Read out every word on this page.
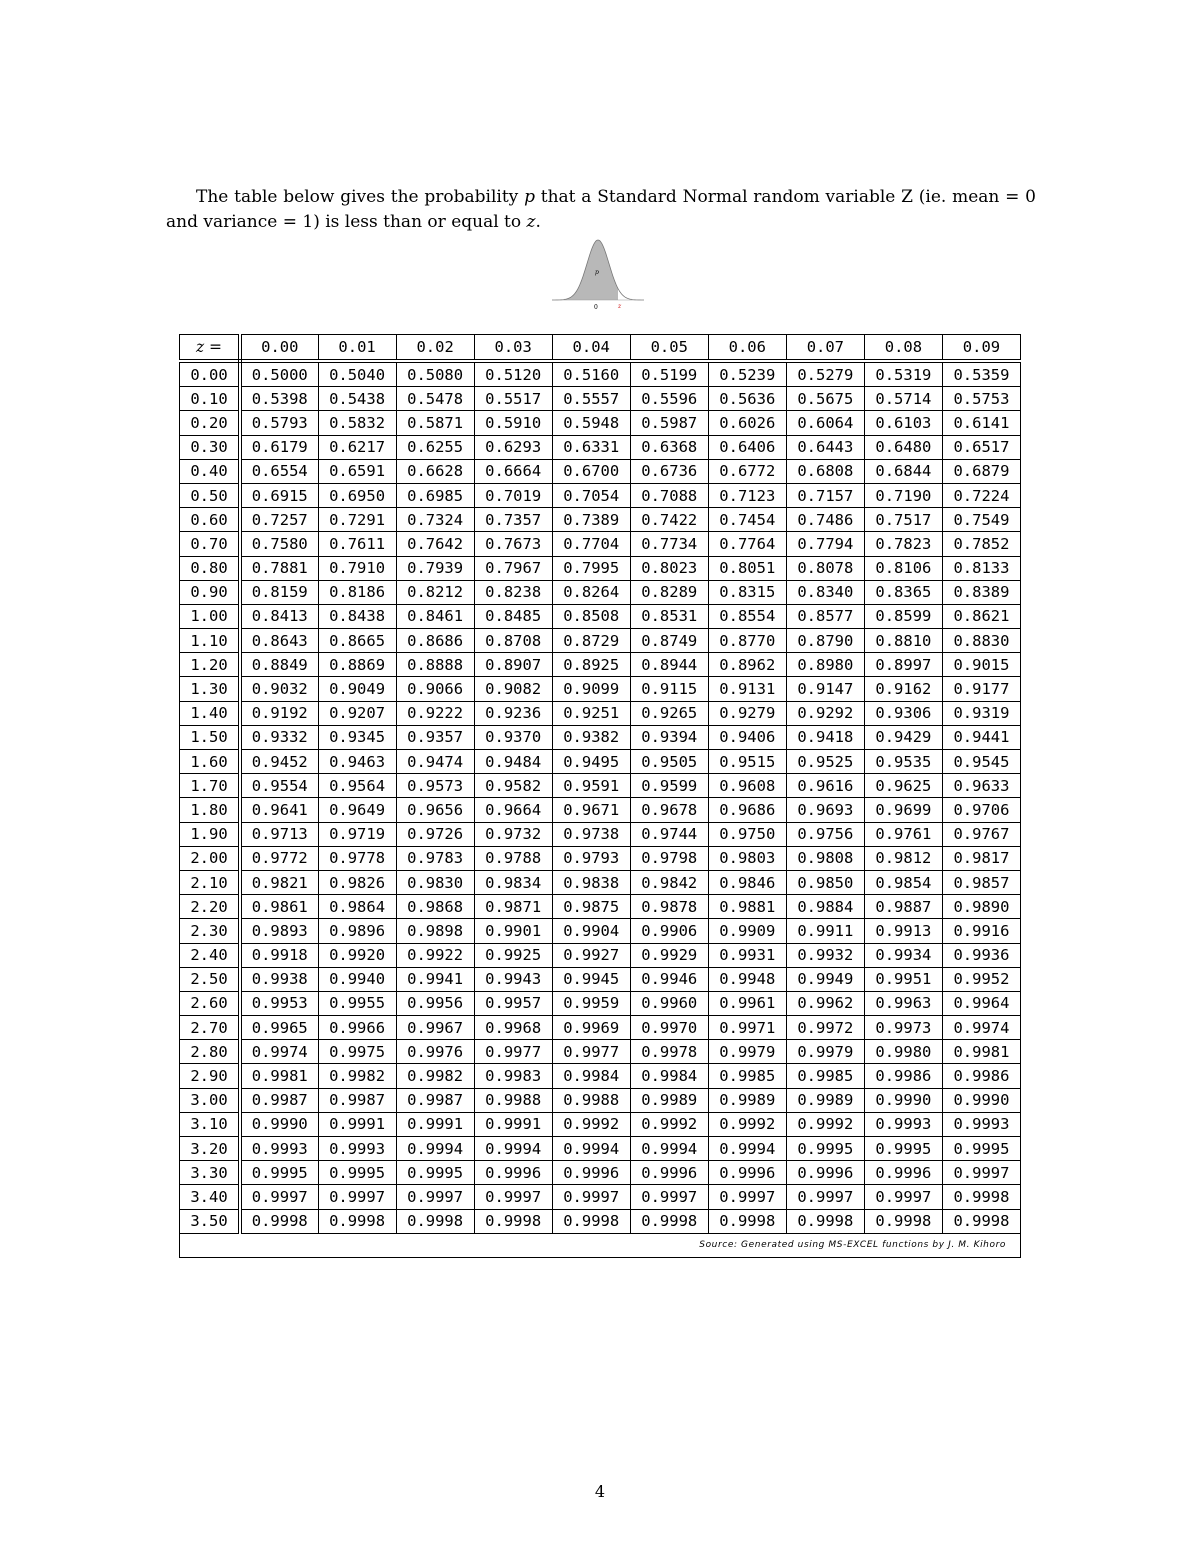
The table below gives the probability p that a Standard Normal random variable Z (ie. mean = 0 and variance = 1) is less than or equal to z.

p
0	z
z =	0.00	0.01	0.02	0.03	0.04	0.05	0.06	0.07	0.08	0.09
0.00	0.5000	0.5040	0.5080	0.5120	0.5160	0.5199	0.5239	0.5279	0.5319	0.5359
0.10	0.5398	0.5438	0.5478	0.5517	0.5557	0.5596	0.5636	0.5675	0.5714	0.5753
0.20	0.5793	0.5832	0.5871	0.5910	0.5948	0.5987	0.6026	0.6064	0.6103	0.6141
0.30	0.6179	0.6217	0.6255	0.6293	0.6331	0.6368	0.6406	0.6443	0.6480	0.6517
0.40	0.6554	0.6591	0.6628	0.6664	0.6700	0.6736	0.6772	0.6808	0.6844	0.6879
0.50	0.6915	0.6950	0.6985	0.7019	0.7054	0.7088	0.7123	0.7157	0.7190	0.7224
0.60	0.7257	0.7291	0.7324	0.7357	0.7389	0.7422	0.7454	0.7486	0.7517	0.7549
0.70	0.7580	0.7611	0.7642	0.7673	0.7704	0.7734	0.7764	0.7794	0.7823	0.7852
0.80	0.7881	0.7910	0.7939	0.7967	0.7995	0.8023	0.8051	0.8078	0.8106	0.8133
0.90	0.8159	0.8186	0.8212	0.8238	0.8264	0.8289	0.8315	0.8340	0.8365	0.8389
1.00	0.8413	0.8438	0.8461	0.8485	0.8508	0.8531	0.8554	0.8577	0.8599	0.8621
1.10	0.8643	0.8665	0.8686	0.8708	0.8729	0.8749	0.8770	0.8790	0.8810	0.8830
1.20	0.8849	0.8869	0.8888	0.8907	0.8925	0.8944	0.8962	0.8980	0.8997	0.9015
1.30	0.9032	0.9049	0.9066	0.9082	0.9099	0.9115	0.9131	0.9147	0.9162	0.9177
1.40	0.9192	0.9207	0.9222	0.9236	0.9251	0.9265	0.9279	0.9292	0.9306	0.9319
1.50	0.9332	0.9345	0.9357	0.9370	0.9382	0.9394	0.9406	0.9418	0.9429	0.9441
1.60	0.9452	0.9463	0.9474	0.9484	0.9495	0.9505	0.9515	0.9525	0.9535	0.9545
1.70	0.9554	0.9564	0.9573	0.9582	0.9591	0.9599	0.9608	0.9616	0.9625	0.9633
1.80	0.9641	0.9649	0.9656	0.9664	0.9671	0.9678	0.9686	0.9693	0.9699	0.9706
1.90	0.9713	0.9719	0.9726	0.9732	0.9738	0.9744	0.9750	0.9756	0.9761	0.9767
2.00	0.9772	0.9778	0.9783	0.9788	0.9793	0.9798	0.9803	0.9808	0.9812	0.9817
2.10	0.9821	0.9826	0.9830	0.9834	0.9838	0.9842	0.9846	0.9850	0.9854	0.9857
2.20	0.9861	0.9864	0.9868	0.9871	0.9875	0.9878	0.9881	0.9884	0.9887	0.9890
2.30	0.9893	0.9896	0.9898	0.9901	0.9904	0.9906	0.9909	0.9911	0.9913	0.9916
2.40	0.9918	0.9920	0.9922	0.9925	0.9927	0.9929	0.9931	0.9932	0.9934	0.9936
2.50	0.9938	0.9940	0.9941	0.9943	0.9945	0.9946	0.9948	0.9949	0.9951	0.9952
2.60	0.9953	0.9955	0.9956	0.9957	0.9959	0.9960	0.9961	0.9962	0.9963	0.9964
2.70	0.9965	0.9966	0.9967	0.9968	0.9969	0.9970	0.9971	0.9972	0.9973	0.9974
2.80	0.9974	0.9975	0.9976	0.9977	0.9977	0.9978	0.9979	0.9979	0.9980	0.9981
2.90	0.9981	0.9982	0.9982	0.9983	0.9984	0.9984	0.9985	0.9985	0.9986	0.9986
3.00	0.9987	0.9987	0.9987	0.9988	0.9988	0.9989	0.9989	0.9989	0.9990	0.9990
3.10	0.9990	0.9991	0.9991	0.9991	0.9992	0.9992	0.9992	0.9992	0.9993	0.9993
3.20	0.9993	0.9993	0.9994	0.9994	0.9994	0.9994	0.9994	0.9995	0.9995	0.9995
3.30	0.9995	0.9995	0.9995	0.9996	0.9996	0.9996	0.9996	0.9996	0.9996	0.9997
3.40	0.9997	0.9997	0.9997	0.9997	0.9997	0.9997	0.9997	0.9997	0.9997	0.9998
3.50	0.9998	0.9998	0.9998	0.9998	0.9998	0.9998	0.9998	0.9998	0.9998	0.9998
Source: Generated using MS-EXCEL functions by J. M. Kihoro										
4
